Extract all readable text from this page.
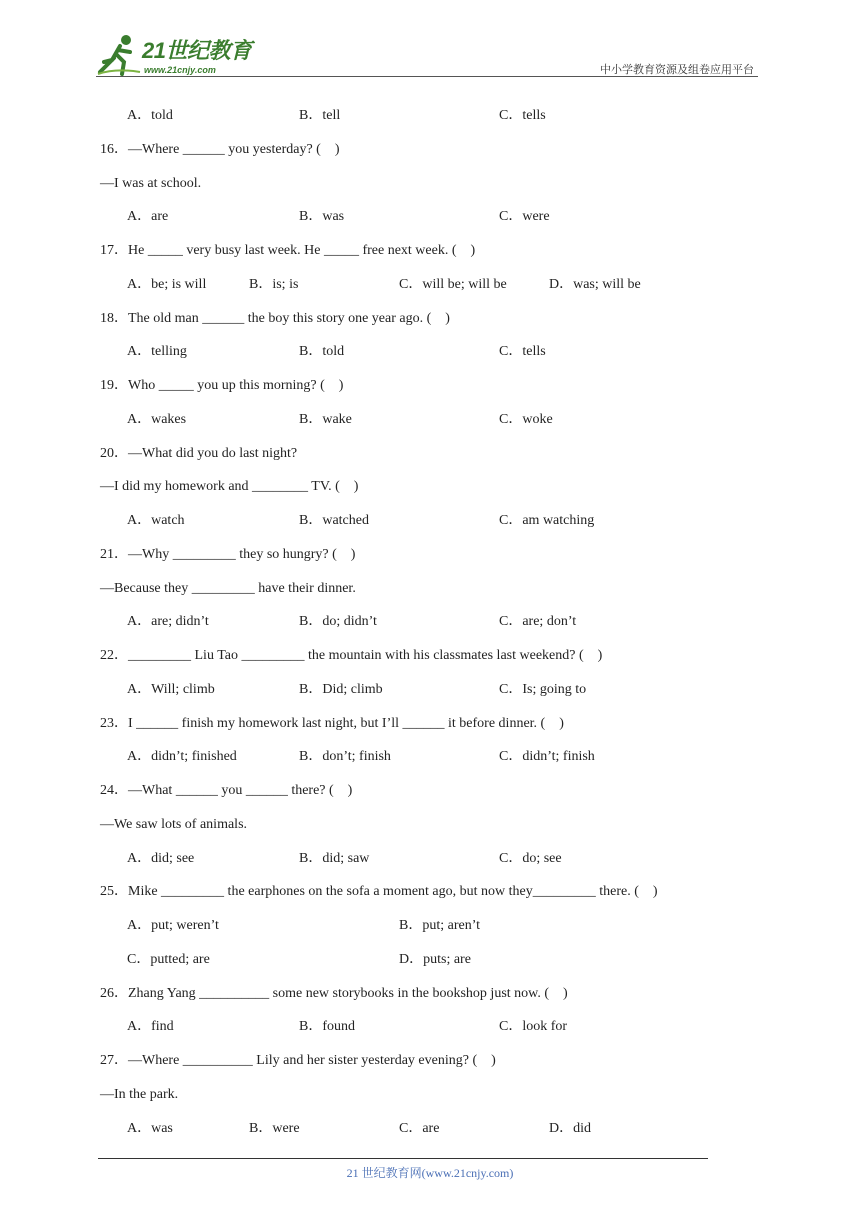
21世纪教育
www.21cnjy.com	中小学教育资源及组卷应用平台
A．told	B．tell	C．tells
16．—Where ______ you yesterday? (　)
—I was at school.
A．are	B．was	C．were
17．He _____ very busy last week. He _____ free next week. (　)
A．be; is will	B．is; is	C．will be; will be	D．was; will be
18．The old man ______ the boy this story one year ago. (　)
A．telling	B．told	C．tells
19．Who _____ you up this morning? (　)
A．wakes	B．wake	C．woke
20．—What did you do last night?
—I did my homework and ________ TV. (　)
A．watch	B．watched	C．am watching
21．—Why _________ they so hungry? (　)
—Because they _________ have their dinner.
A．are; didn’t	B．do; didn’t	C．are; don’t
22．_________ Liu Tao _________ the mountain with his classmates last weekend? (　)
A．Will; climb	B．Did; climb	C．Is; going to
23．I ______ finish my homework last night, but I’ll ______ it before dinner. (　)
A．didn’t; finished	B．don’t; finish	C．didn’t; finish
24．—What ______ you ______ there? (　)
—We saw lots of animals.
A．did; see	B．did; saw	C．do; see
25．Mike _________ the earphones on the sofa a moment ago, but now they_________ there. (　)
A．put; weren’t	B．put; aren’t
C．putted; are	D．puts; are
26．Zhang Yang __________ some new storybooks in the bookshop just now. (　)
A．find	B．found	C．look for
27．—Where __________ Lily and her sister yesterday evening? (　)
—In the park.
A．was	B．were	C．are	D．did
21 世纪教育网(www.21cnjy.com)
